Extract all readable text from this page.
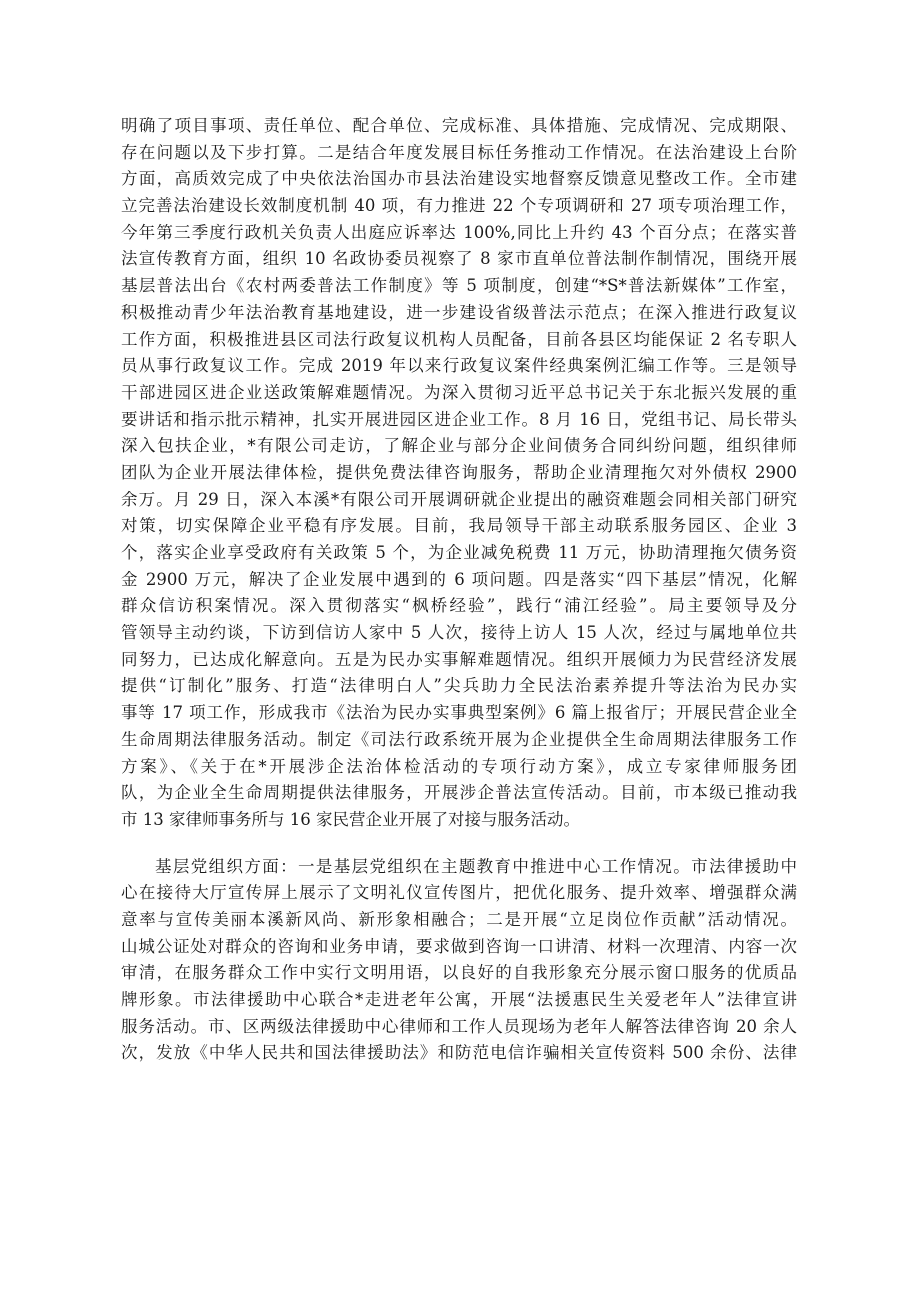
明确了项目事项、责任单位、配合单位、完成标准、具体措施、完成情况、完成期限、
存在问题以及下步打算。二是结合年度发展目标任务推动工作情况。在法治建设上台阶
方面，高质效完成了中央依法治国办市县法治建设实地督察反馈意见整改工作。全市建
立完善法治建设长效制度机制 40 项，有力推进 22 个专项调研和 27 项专项治理工作，
今年第三季度行政机关负责人出庭应诉率达 100%,同比上升约 43 个百分点；在落实普
法宣传教育方面，组织 10 名政协委员视察了 8 家市直单位普法制作制情况，围绕开展
基层普法出台《农村两委普法工作制度》等 5 项制度，创建“*S*普法新媒体”工作室，
积极推动青少年法治教育基地建设，进一步建设省级普法示范点；在深入推进行政复议
工作方面，积极推进县区司法行政复议机构人员配备，目前各县区均能保证 2 名专职人
员从事行政复议工作。完成 2019 年以来行政复议案件经典案例汇编工作等。三是领导
干部进园区进企业送政策解难题情况。为深入贯彻习近平总书记关于东北振兴发展的重
要讲话和指示批示精神，扎实开展进园区进企业工作。8 月 16 日，党组书记、局长带头
深入包扶企业，*有限公司走访，了解企业与部分企业间债务合同纠纷问题，组织律师
团队为企业开展法律体检，提供免费法律咨询服务，帮助企业清理拖欠对外债权 2900
余万。月 29 日，深入本溪*有限公司开展调研就企业提出的融资难题会同相关部门研究
对策，切实保障企业平稳有序发展。目前，我局领导干部主动联系服务园区、企业 3
个，落实企业享受政府有关政策 5 个，为企业减免税费 11 万元，协助清理拖欠债务资
金 2900 万元，解决了企业发展中遇到的 6 项问题。四是落实“四下基层”情况，化解
群众信访积案情况。深入贯彻落实“枫桥经验”，践行“浦江经验”。局主要领导及分
管领导主动约谈，下访到信访人家中 5 人次，接待上访人 15 人次，经过与属地单位共
同努力，已达成化解意向。五是为民办实事解难题情况。组织开展倾力为民营经济发展
提供“订制化”服务、打造“法律明白人”尖兵助力全民法治素养提升等法治为民办实
事等 17 项工作，形成我市《法治为民办实事典型案例》6 篇上报省厅；开展民营企业全
生命周期法律服务活动。制定《司法行政系统开展为企业提供全生命周期法律服务工作
方案》、《关于在*开展涉企法治体检活动的专项行动方案》，成立专家律师服务团
队，为企业全生命周期提供法律服务，开展涉企普法宣传活动。目前，市本级已推动我
市 13 家律师事务所与 16 家民营企业开展了对接与服务活动。
基层党组织方面：一是基层党组织在主题教育中推进中心工作情况。市法律援助中
心在接待大厅宣传屏上展示了文明礼仪宣传图片，把优化服务、提升效率、增强群众满
意率与宣传美丽本溪新风尚、新形象相融合；二是开展“立足岗位作贡献”活动情况。
山城公证处对群众的咨询和业务申请，要求做到咨询一口讲清、材料一次理清、内容一次
审清，在服务群众工作中实行文明用语，以良好的自我形象充分展示窗口服务的优质品
牌形象。市法律援助中心联合*走进老年公寓，开展“法援惠民生关爱老年人”法律宣讲
服务活动。市、区两级法律援助中心律师和工作人员现场为老年人解答法律咨询 20 余人
次，发放《中华人民共和国法律援助法》和防范电信诈骗相关宣传资料 500 余份、法律
